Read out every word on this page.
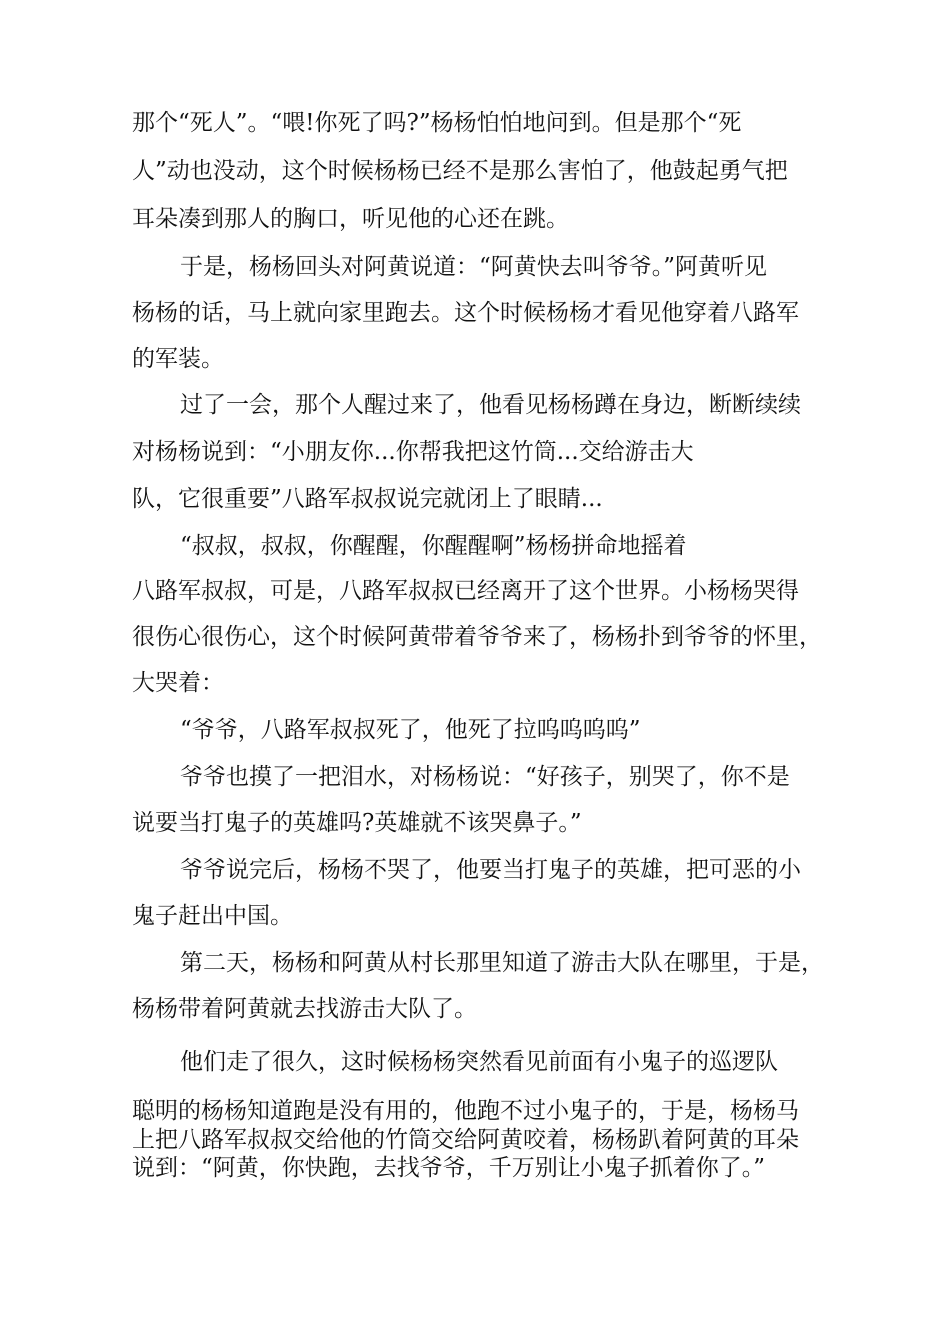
那个“死人”。“喂!你死了吗?”杨杨怕怕地问到。但是那个“死
人”动也没动，这个时候杨杨已经不是那么害怕了，他鼓起勇气把
耳朵凑到那人的胸口，听见他的心还在跳。
于是，杨杨回头对阿黄说道：“阿黄快去叫爷爷。”阿黄听见
杨杨的话，马上就向家里跑去。这个时候杨杨才看见他穿着八路军
的军装。
过了一会，那个人醒过来了，他看见杨杨蹲在身边，断断续续
对杨杨说到：“小朋友你...你帮我把这竹筒...交给游击大
队，它很重要”八路军叔叔说完就闭上了眼睛...
“叔叔，叔叔，你醒醒，你醒醒啊”杨杨拼命地摇着
八路军叔叔，可是，八路军叔叔已经离开了这个世界。小杨杨哭得
很伤心很伤心，这个时候阿黄带着爷爷来了，杨杨扑到爷爷的怀里，
大哭着：
“爷爷，八路军叔叔死了，他死了拉呜呜呜呜”
爷爷也摸了一把泪水，对杨杨说：“好孩子，别哭了，你不是
说要当打鬼子的英雄吗?英雄就不该哭鼻子。”
爷爷说完后，杨杨不哭了，他要当打鬼子的英雄，把可恶的小
鬼子赶出中国。
第二天，杨杨和阿黄从村长那里知道了游击大队在哪里，于是，
杨杨带着阿黄就去找游击大队了。
他们走了很久，这时候杨杨突然看见前面有小鬼子的巡逻队
聪明的杨杨知道跑是没有用的，他跑不过小鬼子的，于是，杨杨马
上把八路军叔叔交给他的竹筒交给阿黄咬着，杨杨趴着阿黄的耳朵
说到：“阿黄，你快跑，去找爷爷，千万别让小鬼子抓着你了。”
